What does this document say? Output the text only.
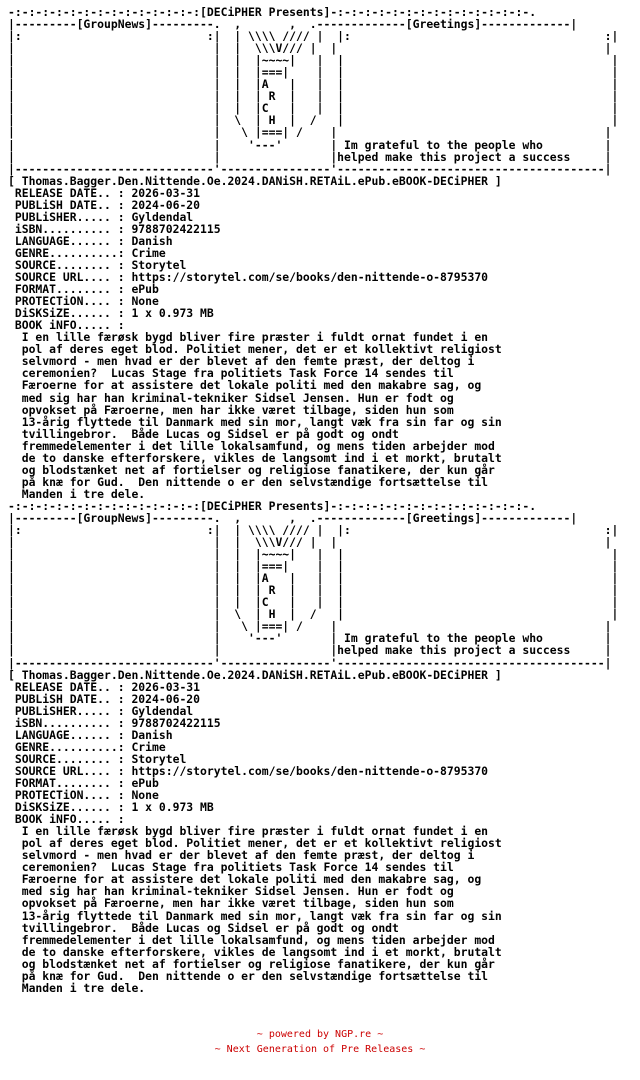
-:-:-:-:-:-:-:-:-:-:-:-:-:-:[DECiPHER Presents]-:-:-:-:-:-:-:-:-:-:-:-:-:-:-.
|---------[GroupNews]---------.  ,       ,  .-------------[Greetings]-------------|
|:                           :|  | \\\\ //// |  |:                                     :|
|                             |  |  \\\V/// |  |                                       |
|                             |  |  |~~~~|   |  |                                       |
|                             |  |  |===|    |  |                                       |
|                             |  |  |A   |   |  |                                       |
|                             |  |  | R  |   |  |                                       |
|                             |  |  |C   |   |  |                                       |
|                             |  \  | H  |  /   |                                       |
|                             |   \ |===| /    |                                       |
|                             |    '---'       | Im grateful to the people who         |
|                             |                |helped make this project a success     |
|-----------------------------'----------------'---------------------------------------|
[ Thomas.Bagger.Den.Nittende.Oe.2024.DANiSH.RETAiL.ePub.eBOOK-DECiPHER ]
RELEASE DATE.. : 2026-03-31
PUBLiSH DATE.. : 2024-06-20
PUBLiSHER..... : Gyldendal
iSBN.......... : 9788702422115
LANGUAGE...... : Danish
GENRE..........: Crime
SOURCE........ : Storytel
SOURCE URL.... : https://storytel.com/se/books/den-nittende-o-8795370
FORMAT........ : ePub
PROTECTiON.... : None
DiSKSiZE...... : 1 x 0.973 MB
BOOK iNFO..... :
I en lille færøsk bygd bliver fire præster i fuldt ornat fundet i en
pol af deres eget blod. Politiet mener, det er et kollektivt religiost
selvmord - men hvad er der blevet af den femte præst, der deltog i
ceremonien?  Lucas Stage fra politiets Task Force 14 sendes til
Færoerne for at assistere det lokale politi med den makabre sag, og
med sig har han kriminal-tekniker Sidsel Jensen. Hun er fodt og
opvokset på Færoerne, men har ikke været tilbage, siden hun som
13-årig flyttede til Danmark med sin mor, langt væk fra sin far og sin
tvillingebror.  Både Lucas og Sidsel er på godt og ondt
fremmedelementer i det lille lokalsamfund, og mens tiden arbejder mod
de to danske efterforskere, vikles de langsomt ind i et morkt, brutalt
og blodstænket net af fortielser og religiose fanatikere, der kun går
på knæ for Gud.  Den nittende o er den selvstændige fortsættelse til
Manden i tre dele.
-:-:-:-:-:-:-:-:-:-:-:-:-:-:[DECiPHER Presents]-:-:-:-:-:-:-:-:-:-:-:-:-:-:-.
|---------[GroupNews]---------.  ,       ,  .-------------[Greetings]-------------|
|:                           :|  | \\\\ //// |  |:                                     :|
|                             |  |  \\\V/// |  |                                       |
|                             |  |  |~~~~|   |  |                                       |
|                             |  |  |===|    |  |                                       |
|                             |  |  |A   |   |  |                                       |
|                             |  |  | R  |   |  |                                       |
|                             |  |  |C   |   |  |                                       |
|                             |  \  | H  |  /   |                                       |
|                             |   \ |===| /    |                                       |
|                             |    '---'       | Im grateful to the people who         |
|                             |                |helped make this project a success     |
|-----------------------------'----------------'---------------------------------------|
[ Thomas.Bagger.Den.Nittende.Oe.2024.DANiSH.RETAiL.ePub.eBOOK-DECiPHER ]
RELEASE DATE.. : 2026-03-31
PUBLiSH DATE.. : 2024-06-20
PUBLiSHER..... : Gyldendal
iSBN.......... : 9788702422115
LANGUAGE...... : Danish
GENRE..........: Crime
SOURCE........ : Storytel
SOURCE URL.... : https://storytel.com/se/books/den-nittende-o-8795370
FORMAT........ : ePub
PROTECTiON.... : None
DiSKSiZE...... : 1 x 0.973 MB
BOOK iNFO..... :
I en lille færøsk bygd bliver fire præster i fuldt ornat fundet i en
pol af deres eget blod. Politiet mener, det er et kollektivt religiost
selvmord - men hvad er der blevet af den femte præst, der deltog i
ceremonien?  Lucas Stage fra politiets Task Force 14 sendes til
Færoerne for at assistere det lokale politi med den makabre sag, og
med sig har han kriminal-tekniker Sidsel Jensen. Hun er fodt og
opvokset på Færoerne, men har ikke været tilbage, siden hun som
13-årig flyttede til Danmark med sin mor, langt væk fra sin far og sin
tvillingebror.  Både Lucas og Sidsel er på godt og ondt
fremmedelementer i det lille lokalsamfund, og mens tiden arbejder mod
de to danske efterforskere, vikles de langsomt ind i et morkt, brutalt
og blodstænket net af fortielser og religiose fanatikere, der kun går
på knæ for Gud.  Den nittende o er den selvstændige fortsættelse til
Manden i tre dele.
~ powered by NGP.re ~
~ Next Generation of Pre Releases ~
